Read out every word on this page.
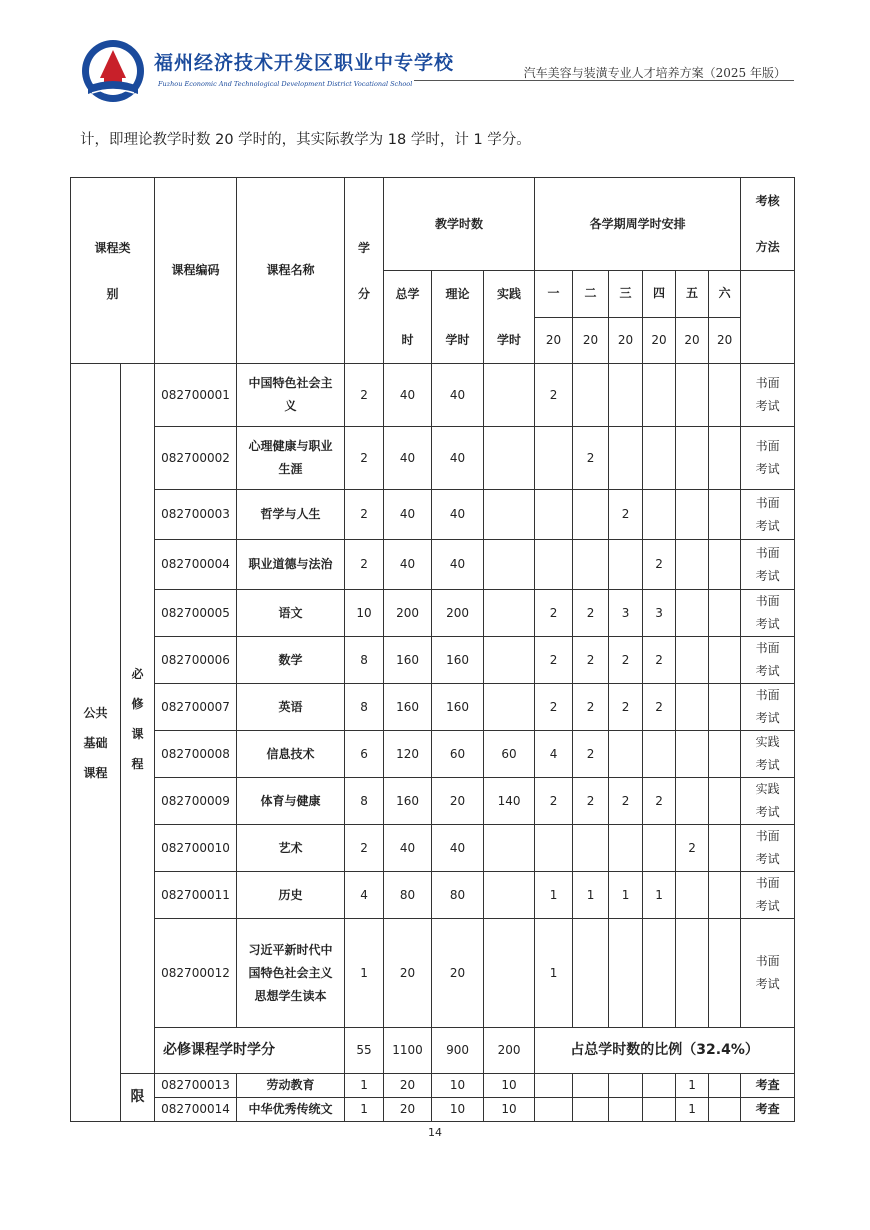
福州经济技术开发区职业中专学校
Fuzhou Economic And Technological Development District Vocational School
汽车美容与装潢专业人才培养方案（2025 年版）
计，即理论教学时数 20 学时的，其实际教学为 18 学时，计 1 学分。
课程类别		课程编码	课程名称	学分	教学时数			各学期周学时安排						考核方法

					总学时	理论学时	实践学时	一	二	三	四	五	六	
								20	20	20	20	20	20	

公共基础课程	必修课程	082700001	中国特色社会主义	2	40	40		2						书面考试

		082700002	心理健康与职业生涯	2	40	40			2					书面考试

		082700003	哲学与人生	2	40	40				2				书面考试

		082700004	职业道德与法治	2	40	40					2			书面考试

		082700005	语文	10	200	200		2	2	3	3			书面考试

		082700006	数学	8	160	160		2	2	2	2			书面考试

		082700007	英语	8	160	160		2	2	2	2			书面考试

		082700008	信息技术	6	120	60	60	4	2					实践考试

		082700009	体育与健康	8	160	20	140	2	2	2	2			实践考试

		082700010	艺术	2	40	40						2		书面考试

		082700011	历史	4	80	80		1	1	1	1			书面考试

		082700012	习近平新时代中国特色社会主义思想学生读本	1	20	20		1						书面考试

		必修课程学时学分		55	1100	900	200	占总学时数的比例（32.4%）						
	限	082700013	劳动教育	1	20	10	10					1		考查
		082700014	中华优秀传统文	1	20	10	10					1		考查
14
